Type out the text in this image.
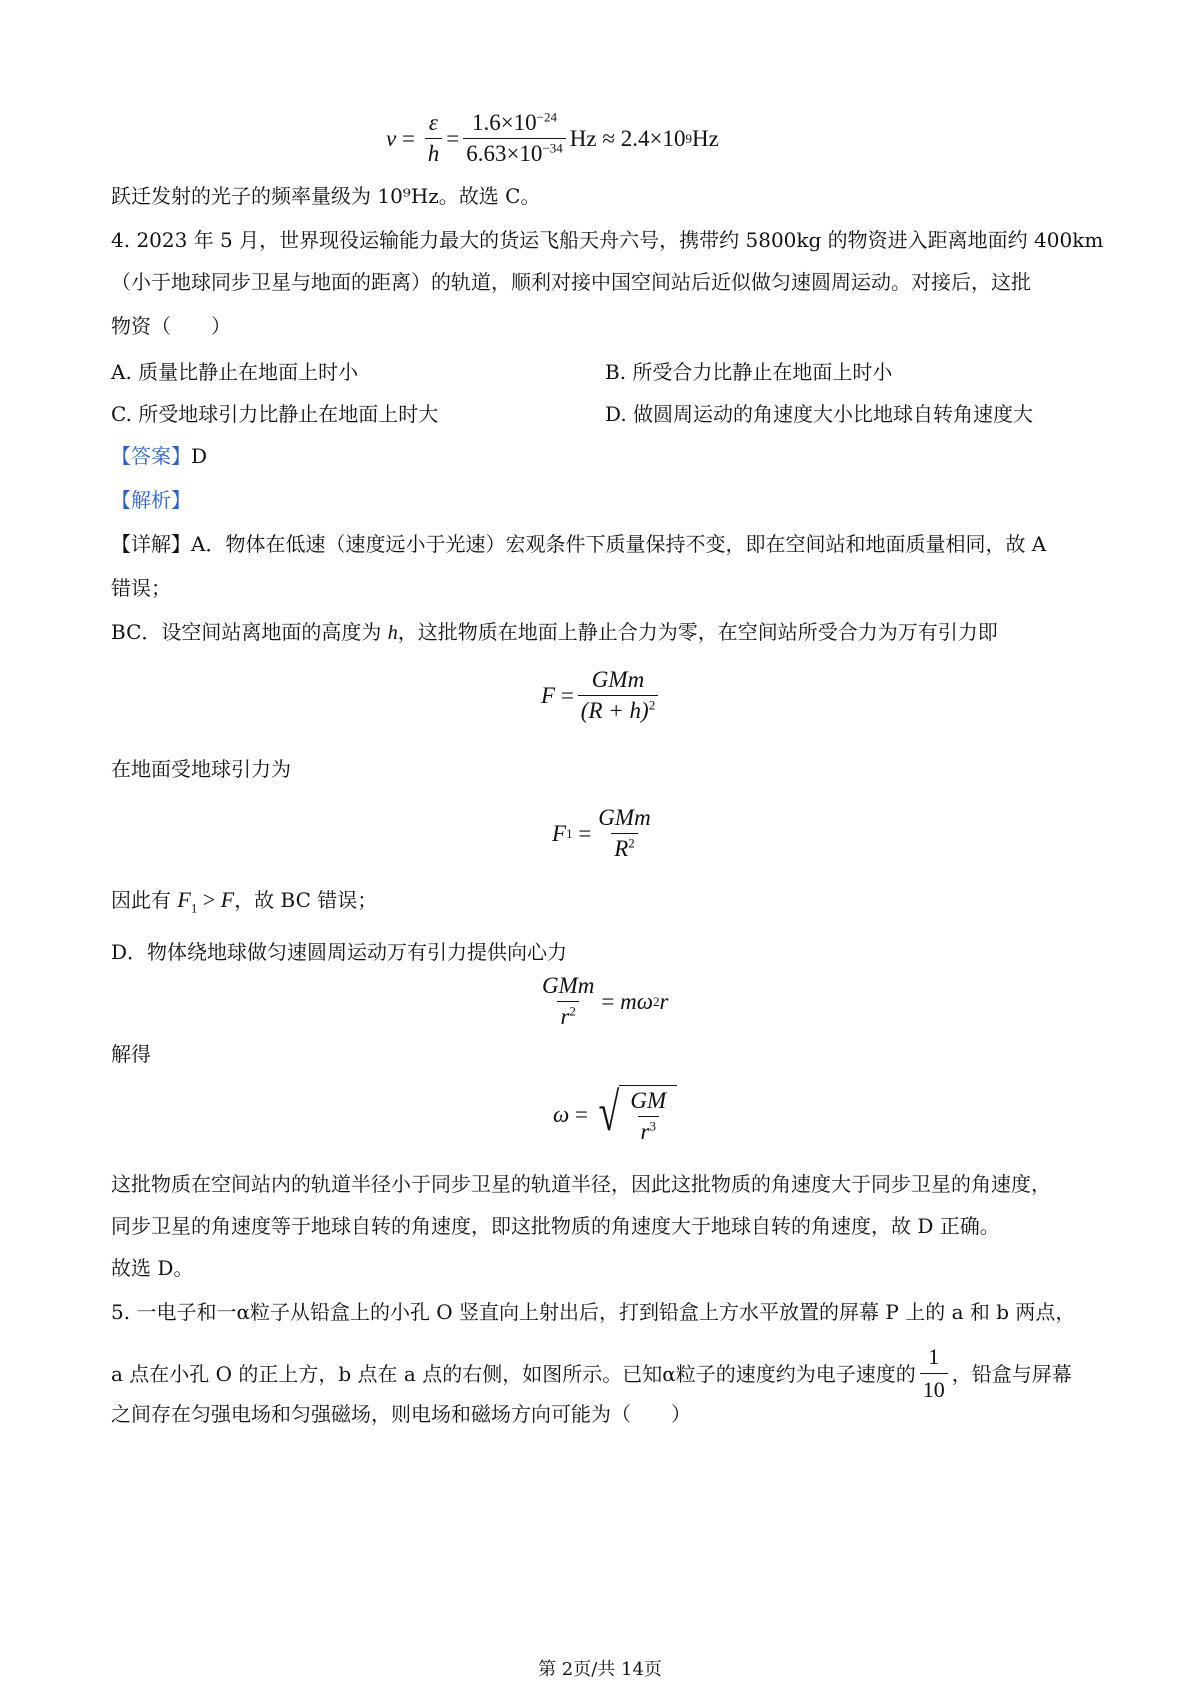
$\nu = \frac{\varepsilon}{h} = \frac{1.6\times 10^{-24}}{6.63\times 10^{-34}}$ Hz
≈ 2.4×10 9 Hz
跃迁发射的光子的频率量级为 10⁹Hz。故选 C。
4. 2023 年 5 月，世界现役运输能力最大的货运飞船天舟六号，携带约 5800kg 的物资进入距离地面约 400km
（小于地球同步卫星与地面的距离）的轨道，顺利对接中国空间站后近似做匀速圆周运动。对接后，这批
物资（　　）
A. 质量比静止在地面上时小	B. 所受合力比静止在地面上时小
C. 所受地球引力比静止在地面上时大	D. 做圆周运动的角速度大小比地球自转角速度大
【答案】D
【解析】
【详解】A．物体在低速（速度远小于光速）宏观条件下质量保持不变，即在空间站和地面质量相同，故 A
错误；
BC．设空间站离地面的高度为 h，这批物质在地面上静止合力为零，在空间站所受合力为万有引力即
$F = \frac{\text{GMm}}{(R + h)^2}$
在地面受地球引力为
F $1 = \frac{\text{GMm}}{R^2}$
因此有 $F_1 > F$，故 BC 错误；
D．物体绕地球做匀速圆周运动万有引力提供向心力
$\frac{\text{GMm}}{r^2} = m\omega$ 2 r
解得
ω = √ $\frac{GM}{r^3}$
这批物质在空间站内的轨道半径小于同步卫星的轨道半径，因此这批物质的角速度大于同步卫星的角速度，
同步卫星的角速度等于地球自转的角速度，即这批物质的角速度大于地球自转的角速度，故 D 正确。
故选 D。
5. 一电子和一α粒子从铅盒上的小孔 O 竖直向上射出后，打到铅盒上方水平放置的屏幕 P 上的 a 和 b 两点，
a 点在小孔 O 的正上方，b 点在 a 点的右侧，如图所示。已知α粒子的速度约为电子速度的 $\frac{1}{10}$ ，铅盒与屏幕
之间存在匀强电场和匀强磁场，则电场和磁场方向可能为（　　）
第 2页/共 14页
